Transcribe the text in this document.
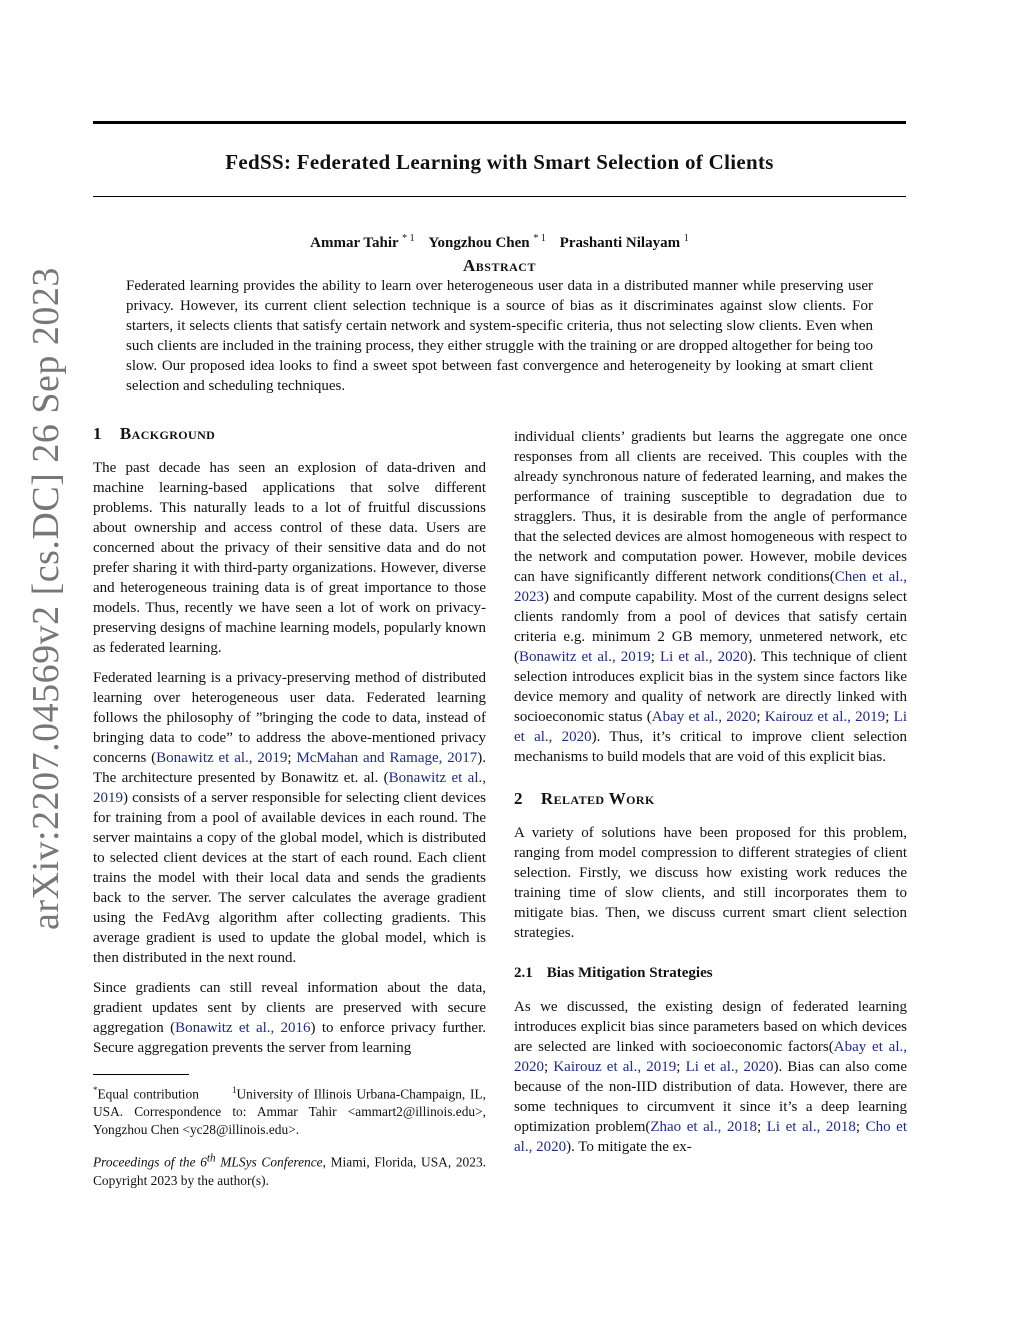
FedSS: Federated Learning with Smart Selection of Clients
Ammar Tahir $^{* 1}$ Yongzhou Chen $^{* 1}$ Prashanti Nilayam $^1$
Abstract

Federated learning provides the ability to learn over heterogeneous user data in a distributed manner while preserving user privacy. However, its current client selection technique is a source of bias as it discriminates against slow clients. For starters, it selects clients that satisfy certain network and system-specific criteria, thus not selecting slow clients. Even when such clients are included in the training process, they either struggle with the training or are dropped altogether for being too slow. Our proposed idea looks to find a sweet spot between fast convergence and heterogeneity by looking at smart client selection and scheduling techniques.

arXiv:2207.04569v2 [cs.DC] 26 Sep 2023 1 Background

The past decade has seen an explosion of data-driven and machine learning-based applications that solve different problems. This naturally leads to a lot of fruitful discussions about ownership and access control of these data. Users are concerned about the privacy of their sensitive data and do not prefer sharing it with third-party organizations. However, diverse and heterogeneous training data is of great importance to those models. Thus, recently we have seen a lot of work on privacy-preserving designs of machine learning models, popularly known as federated learning.

Federated learning is a privacy-preserving method of distributed learning over heterogeneous user data. Federated learning follows the philosophy of ”bringing the code to data, instead of bringing data to code” to address the above-mentioned privacy concerns (Bonawitz et al., 2019; McMahan and Ramage, 2017). The architecture presented by Bonawitz et. al. (Bonawitz et al., 2019) consists of a server responsible for selecting client devices for training from a pool of available devices in each round. The server maintains a copy of the global model, which is distributed to selected client devices at the start of each round. Each client trains the model with their local data and sends the gradients back to the server. The server calculates the average gradient using the FedAvg algorithm after collecting gradients. This average gradient is used to update the global model, which is then distributed in the next round.

Since gradients can still reveal information about the data, gradient updates sent by clients are preserved with secure aggregation (Bonawitz et al., 2016) to enforce privacy further. Secure aggregation prevents the server from learning

*Equal contribution	$^1$University of Illinois Urbana-Champaign, IL, USA. Correspondence to: Ammar Tahir <ammart2@illinois.edu>, Yongzhou Chen <yc28@illinois.edu>.

Proceedings of the 6th MLSys Conference, Miami, Florida, USA, 2023. Copyright 2023 by the author(s).

individual clients’ gradients but learns the aggregate one once responses from all clients are received. This couples with the already synchronous nature of federated learning, and makes the performance of training susceptible to degradation due to stragglers. Thus, it is desirable from the angle of performance that the selected devices are almost homogeneous with respect to the network and computation power. However, mobile devices can have significantly different network conditions(Chen et al., 2023) and compute capability. Most of the current designs select clients randomly from a pool of devices that satisfy certain criteria e.g. minimum 2 GB memory, unmetered network, etc (Bonawitz et al., 2019; Li et al., 2020). This technique of client selection introduces explicit bias in the system since factors like device memory and quality of network are directly linked with socioeconomic status (Abay et al., 2020; Kairouz et al., 2019; Li et al., 2020). Thus, it’s critical to improve client selection mechanisms to build models that are void of this explicit bias.

2 Related Work

A variety of solutions have been proposed for this problem, ranging from model compression to different strategies of client selection. Firstly, we discuss how existing work reduces the training time of slow clients, and still incorporates them to mitigate bias. Then, we discuss current smart client selection strategies.

2.1 Bias Mitigation Strategies

As we discussed, the existing design of federated learning introduces explicit bias since parameters based on which devices are selected are linked with socioeconomic factors(Abay et al., 2020; Kairouz et al., 2019; Li et al., 2020). Bias can also come because of the non-IID distribution of data. However, there are some techniques to circumvent it since it’s a deep learning optimization problem(Zhao et al., 2018; Li et al., 2018; Cho et al., 2020). To mitigate the ex-
